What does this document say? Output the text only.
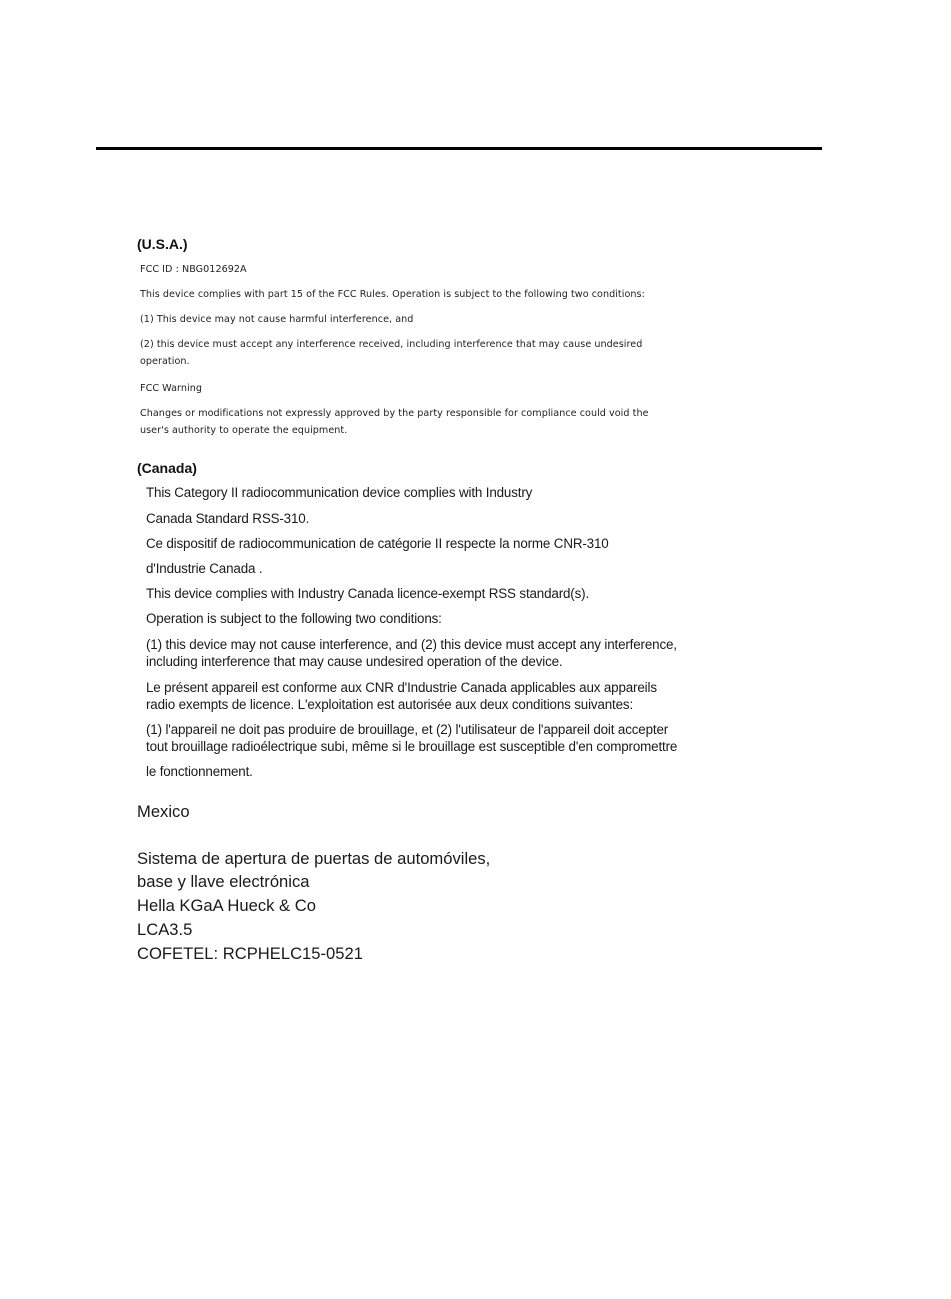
(U.S.A.)

FCC ID : NBG012692A

This device complies with part 15 of the FCC Rules. Operation is subject to the following two conditions:

(1) This device may not cause harmful interference, and

(2) this device must accept any interference received, including interference that may cause undesired

operation.

FCC Warning

Changes or modifications not expressly approved by the party responsible for compliance could void the

user's authority to operate the equipment.

(Canada)

This Category II radiocommunication device complies with Industry

Canada Standard RSS-310.

Ce dispositif de radiocommunication de catégorie II respecte la norme CNR-310

d'Industrie Canada .

This device complies with Industry Canada licence-exempt RSS standard(s).

Operation is subject to the following two conditions:

(1) this device may not cause interference, and (2) this device must accept any interference,

including interference that may cause undesired operation of the device.

Le présent appareil est conforme aux CNR d'Industrie Canada applicables aux appareils

radio exempts de licence. L'exploitation est autorisée aux deux conditions suivantes:

(1) l'appareil ne doit pas produire de brouillage, et (2) l'utilisateur de l'appareil doit accepter

tout brouillage radioélectrique subi, même si le brouillage est susceptible d'en compromettre

le fonctionnement.

Mexico

Sistema de apertura de puertas de automóviles,

base y llave electrónica

Hella KGaA Hueck & Co

LCA3.5

COFETEL: RCPHELC15-0521
